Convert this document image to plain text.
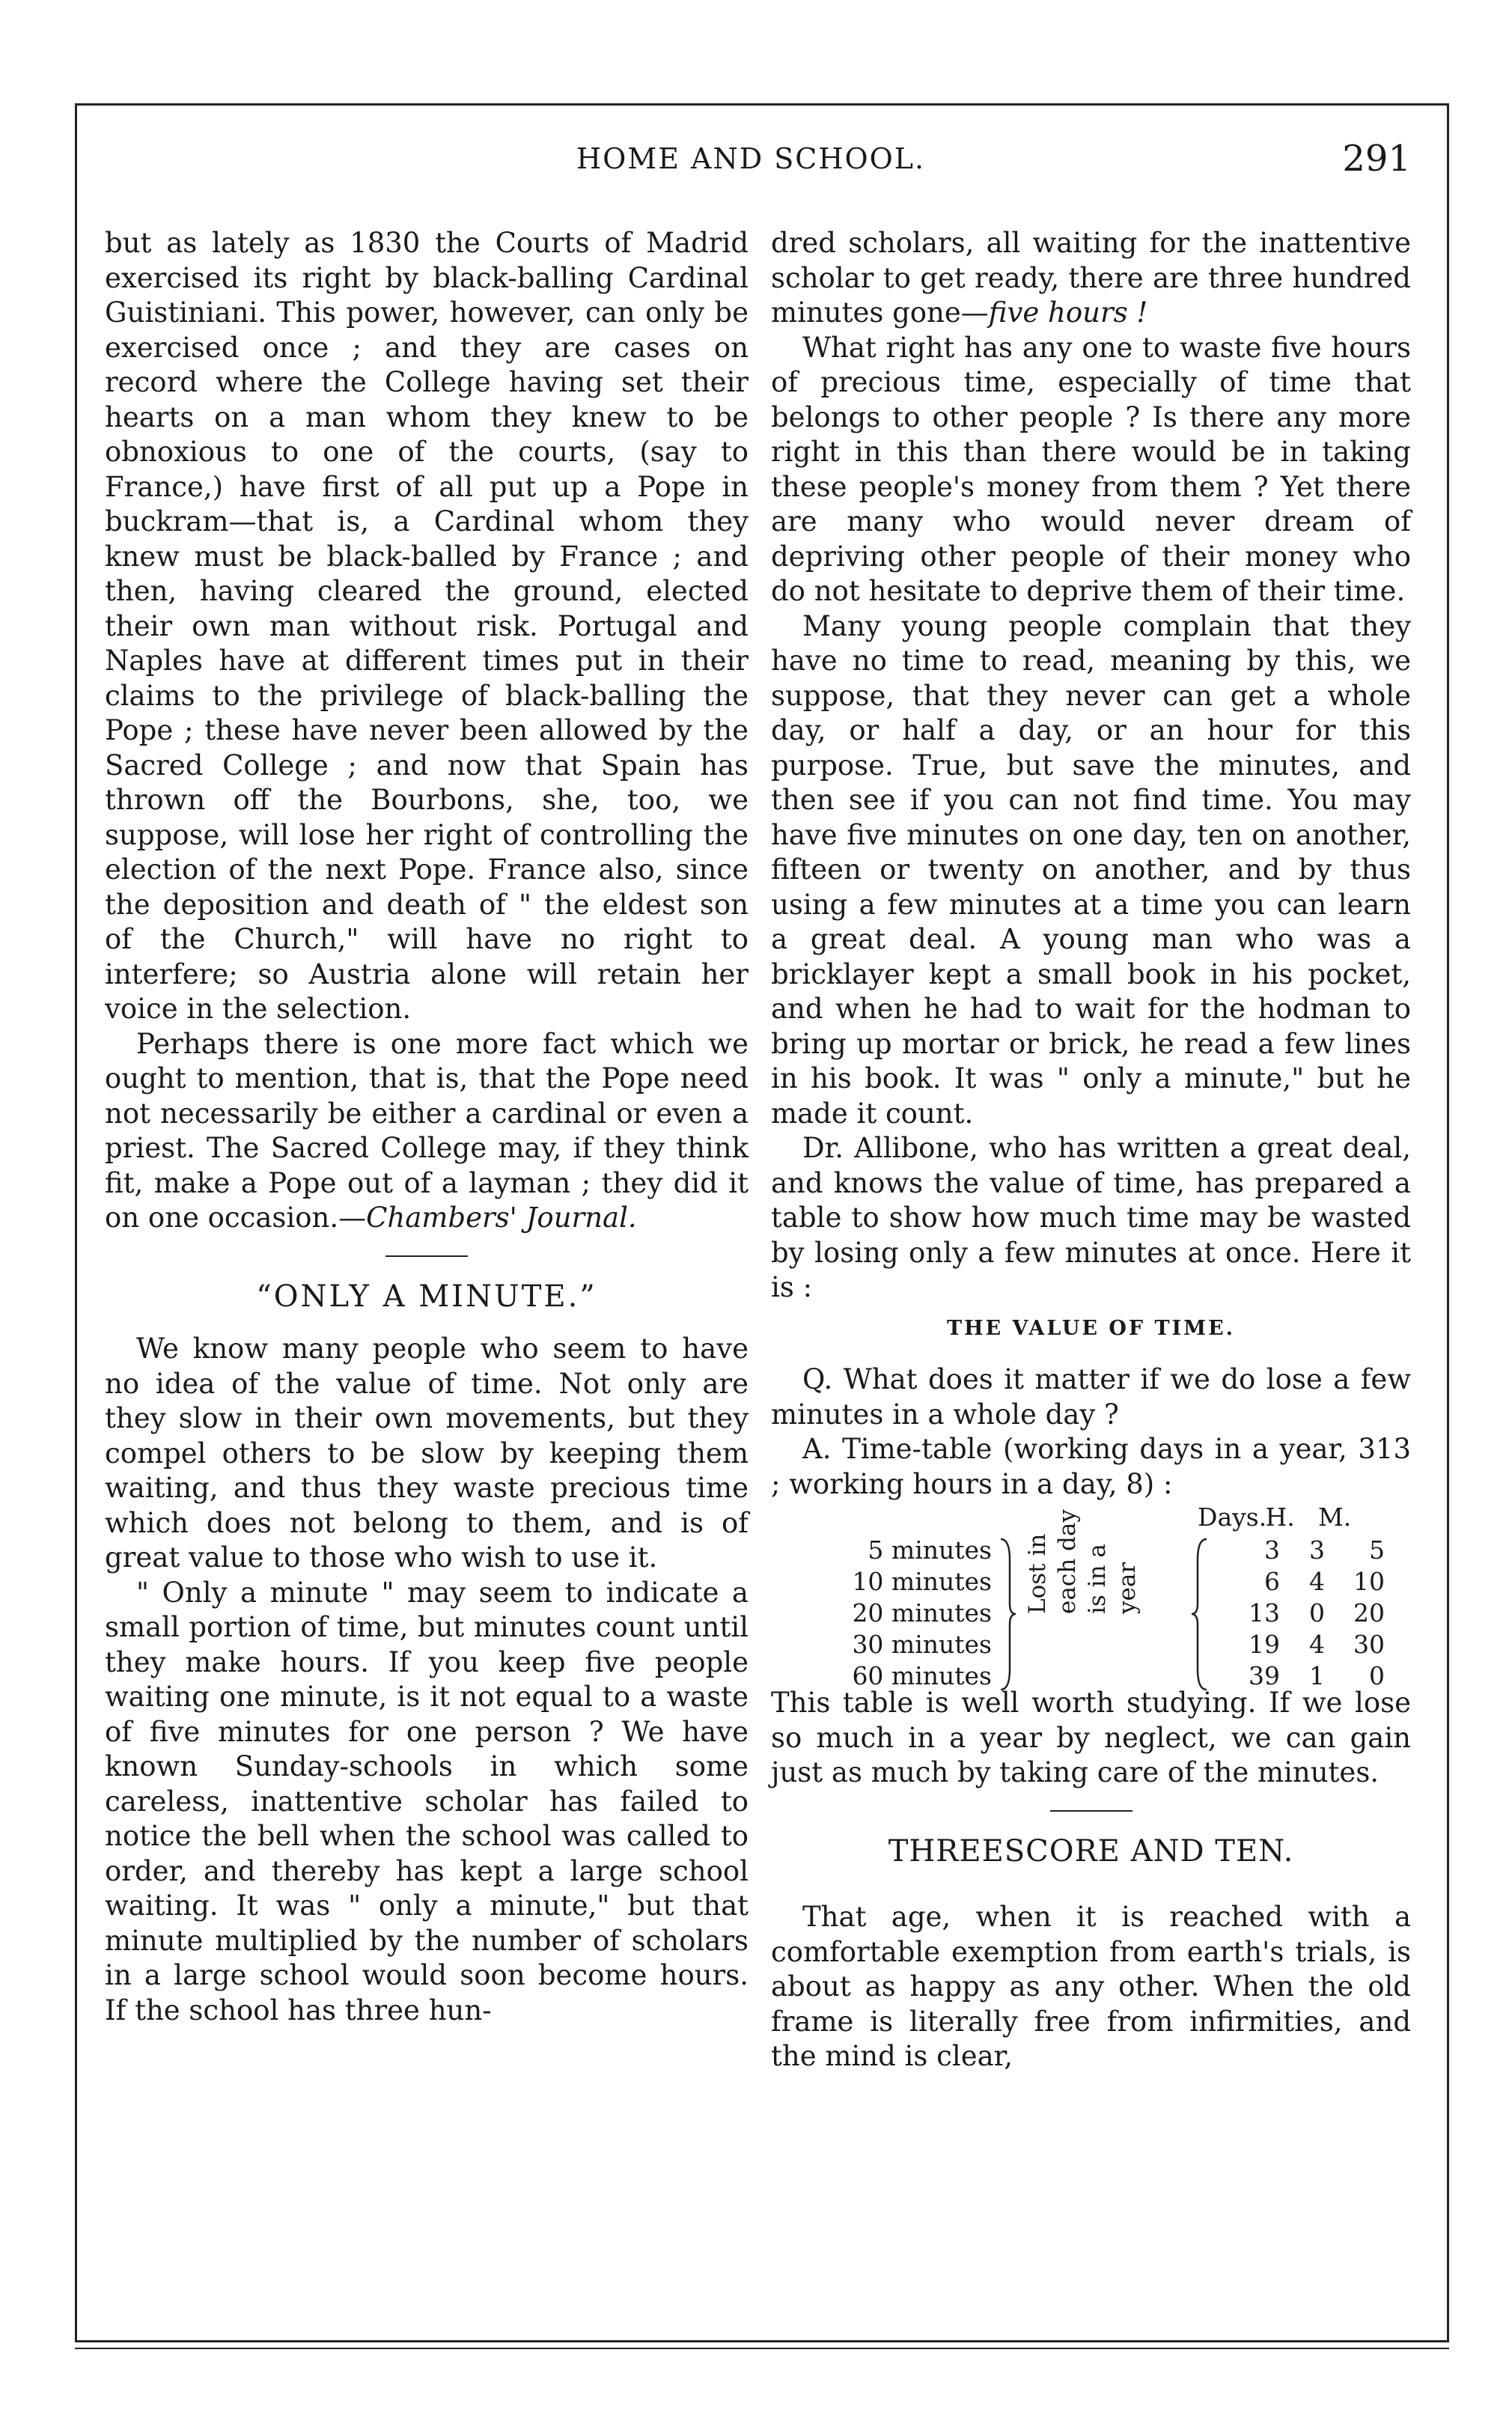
HOME AND SCHOOL.	291

but as lately as 1830 the Courts of Madrid exercised its right by black-balling Cardinal Guistiniani. This power, however, can only be exercised once ; and they are cases on record where the College having set their hearts on a man whom they knew to be obnoxious to one of the courts, (say to France,) have first of all put up a Pope in buckram—that is, a Cardinal whom they knew must be black-balled by France ; and then, having cleared the ground, elected their own man without risk. Portugal and Naples have at different times put in their claims to the privilege of black-balling the Pope ; these have never been allowed by the Sacred College ; and now that Spain has thrown off the Bourbons, she, too, we suppose, will lose her right of controlling the election of the next Pope. France also, since the deposition and death of " the eldest son of the Church," will have no right to interfere; so Austria alone will retain her voice in the selection.

Perhaps there is one more fact which we ought to mention, that is, that the Pope need not necessarily be either a cardinal or even a priest. The Sacred College may, if they think fit, make a Pope out of a layman ; they did it on one occasion.—Chambers' Journal.

“ONLY A MINUTE.”

We know many people who seem to have no idea of the value of time. Not only are they slow in their own movements, but they compel others to be slow by keeping them waiting, and thus they waste precious time which does not belong to them, and is of great value to those who wish to use it.

" Only a minute " may seem to indicate a small portion of time, but minutes count until they make hours. If you keep five people waiting one minute, is it not equal to a waste of five minutes for one person ? We have known Sunday-schools in which some careless, inattentive scholar has failed to notice the bell when the school was called to order, and thereby has kept a large school waiting. It was " only a minute," but that minute multiplied by the number of scholars in a large school would soon become hours. If the school has three hun-

dred scholars, all waiting for the inattentive scholar to get ready, there are three hundred minutes gone—five hours !

What right has any one to waste five hours of precious time, especially of time that belongs to other people ? Is there any more right in this than there would be in taking these people's money from them ? Yet there are many who would never dream of depriving other people of their money who do not hesitate to deprive them of their time.

Many young people complain that they have no time to read, meaning by this, we suppose, that they never can get a whole day, or half a day, or an hour for this purpose. True, but save the minutes, and then see if you can not find time. You may have five minutes on one day, ten on another, fifteen or twenty on another, and by thus using a few minutes at a time you can learn a great deal. A young man who was a bricklayer kept a small book in his pocket, and when he had to wait for the hodman to bring up mortar or brick, he read a few lines in his book. It was " only a minute," but he made it count.

Dr. Allibone, who has written a great deal, and knows the value of time, has prepared a table to show how much time may be wasted by losing only a few minutes at once. Here it is :

THE VALUE OF TIME.

Q. What does it matter if we do lose a few minutes in a whole day ?

A. Time-table (working days in a year, 313 ; working hours in a day, 8) :

Days. H. M.
5 minutes
10 minutes
20 minutes
30 minutes
60 minutes
Lost in each day is in a year
3 3 5
6 4 10
13 0 20
19 4 30
39 1 0

This table is well worth studying. If we lose so much in a year by neglect, we can gain just as much by taking care of the minutes.

THREESCORE AND TEN.

That age, when it is reached with a comfortable exemption from earth's trials, is about as happy as any other. When the old frame is literally free from infirmities, and the mind is clear,
